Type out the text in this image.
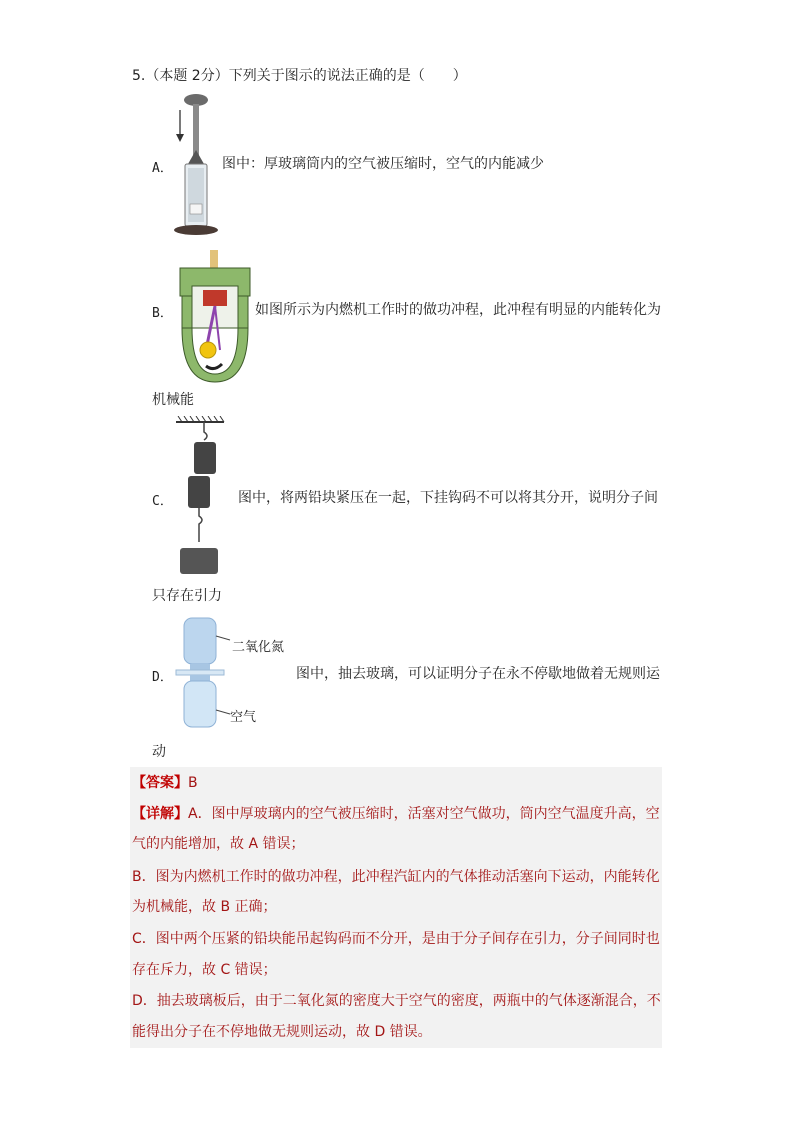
5.（本题 2分）下列关于图示的说法正确的是（　　）
A．	图中：厚玻璃筒内的空气被压缩时，空气的内能减少
B．	如图所示为内燃机工作时的做功冲程，此冲程有明显的内能转化为
机械能
C．	图中，将两铅块紧压在一起，下挂钩码不可以将其分开，说明分子间
只存在引力
D．
二氧化氮
空气
图中，抽去玻璃，可以证明分子在永不停歇地做着无规则运
动
【答案】B
【详解】A．图中厚玻璃内的空气被压缩时，活塞对空气做功，筒内空气温度升高，空
气的内能增加，故 A 错误；
B．图为内燃机工作时的做功冲程，此冲程汽缸内的气体推动活塞向下运动，内能转化
为机械能，故 B 正确；
C．图中两个压紧的铅块能吊起钩码而不分开，是由于分子间存在引力，分子间同时也
存在斥力，故 C 错误；
D．抽去玻璃板后，由于二氧化氮的密度大于空气的密度，两瓶中的气体逐渐混合，不
能得出分子在不停地做无规则运动，故 D 错误。
